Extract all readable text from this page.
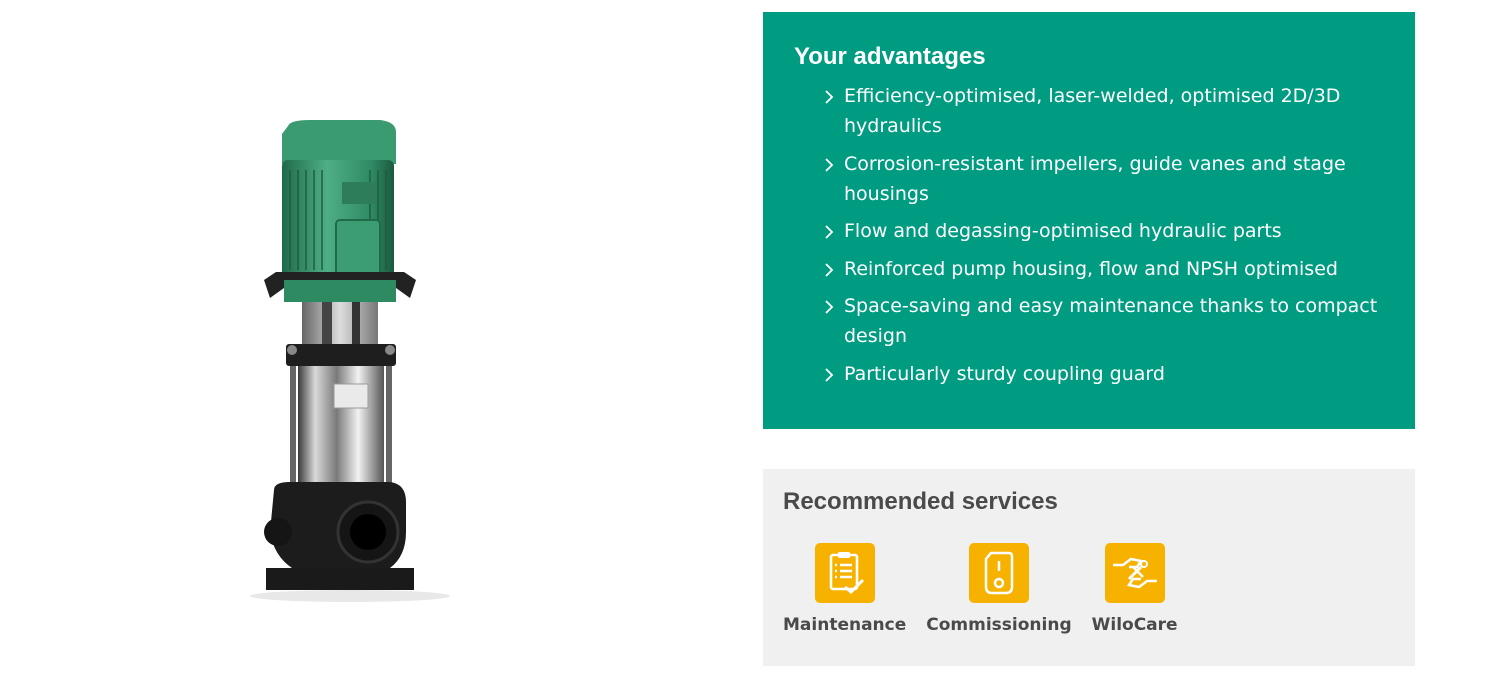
Your advantages
Efficiency-optimised, laser-welded, optimised 2D/3D hydraulics
Corrosion-resistant impellers, guide vanes and stage housings
Flow and degassing-optimised hydraulic parts
Reinforced pump housing, flow and NPSH optimised
Space-saving and easy maintenance thanks to compact design
Particularly sturdy coupling guard
Recommended services
Maintenance Commissioning WiloCare
